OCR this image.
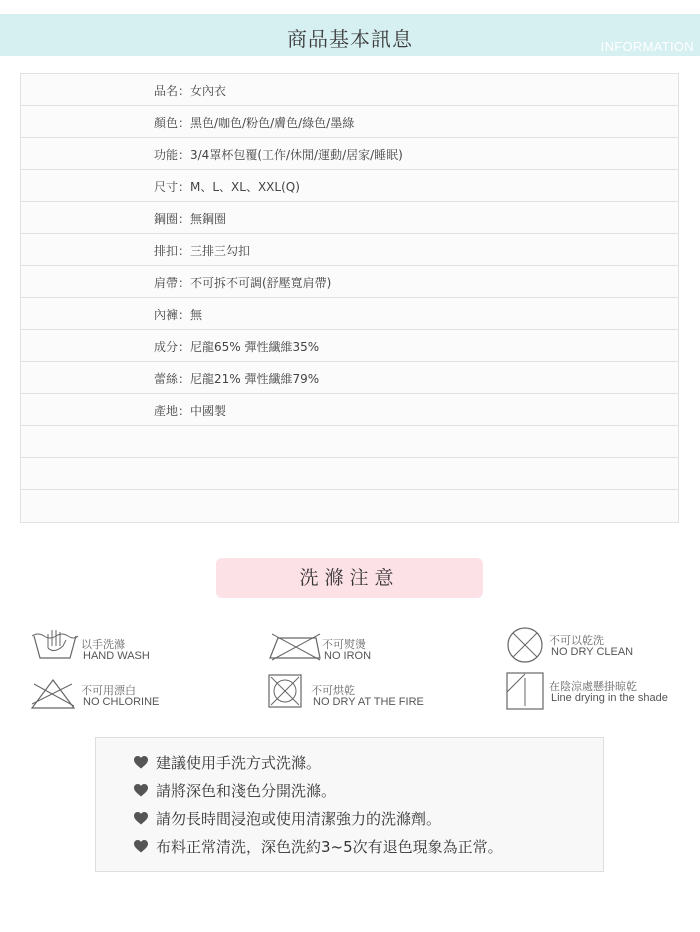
商品基本訊息	INFORMATION
品名：女內衣
顏色：黑色/咖色/粉色/膚色/綠色/墨綠
功能：3/4罩杯包覆(工作/休閒/運動/居家/睡眠)
尺寸：M、L、XL、XXL(Q)
鋼圈：無鋼圈
排扣：三排三勾扣
肩帶：不可拆不可調(舒壓寬肩帶)
內褲：無
成分：尼龍65% 彈性纖維35%
蕾絲：尼龍21% 彈性纖維79%
產地：中國製
洗滌注意
以手洗滌
HAND WASH
不可熨燙
NO IRON
不可以乾洗
NO DRY CLEAN
不可用漂白
NO CHLORINE
不可烘乾
NO DRY AT THE FIRE
在陰涼處懸掛晾乾
Line drying in the shade
建議使用手洗方式洗滌。
請將深色和淺色分開洗滌。
請勿長時間浸泡或使用清潔強力的洗滌劑。
布料正常清洗，深色洗約3~5次有退色現象為正常。
